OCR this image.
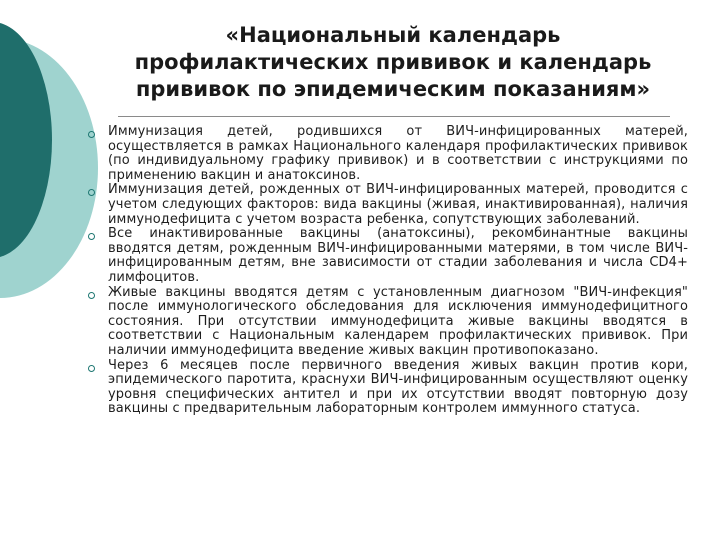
«Национальный календарь профилактических прививок и календарь прививок по эпидемическим показаниям»
Иммунизация детей, родившихся от ВИЧ-инфицированных матерей, осуществляется в рамках Национального календаря профилактических прививок (по индивидуальному графику прививок) и в соответствии с инструкциями по применению вакцин и анатоксинов.
Иммунизация детей, рожденных от ВИЧ-инфицированных матерей, проводится с учетом следующих факторов: вида вакцины (живая, инактивированная), наличия иммунодефицита с учетом возраста ребенка, сопутствующих заболеваний.
Все инактивированные вакцины (анатоксины), рекомбинантные вакцины вводятся детям, рожденным ВИЧ-инфицированными матерями, в том числе ВИЧ-инфицированным детям, вне зависимости от стадии заболевания и числа CD4+ лимфоцитов.
Живые вакцины вводятся детям с установленным диагнозом "ВИЧ-инфекция" после иммунологического обследования для исключения иммунодефицитного состояния. При отсутствии иммунодефицита живые вакцины вводятся в соответствии с Национальным календарем профилактических прививок. При наличии иммунодефицита введение живых вакцин противопоказано.
Через 6 месяцев после первичного введения живых вакцин против кори, эпидемического паротита, краснухи ВИЧ-инфицированным осуществляют оценку уровня специфических антител и при их отсутствии вводят повторную дозу вакцины с предварительным лабораторным контролем иммунного статуса.
